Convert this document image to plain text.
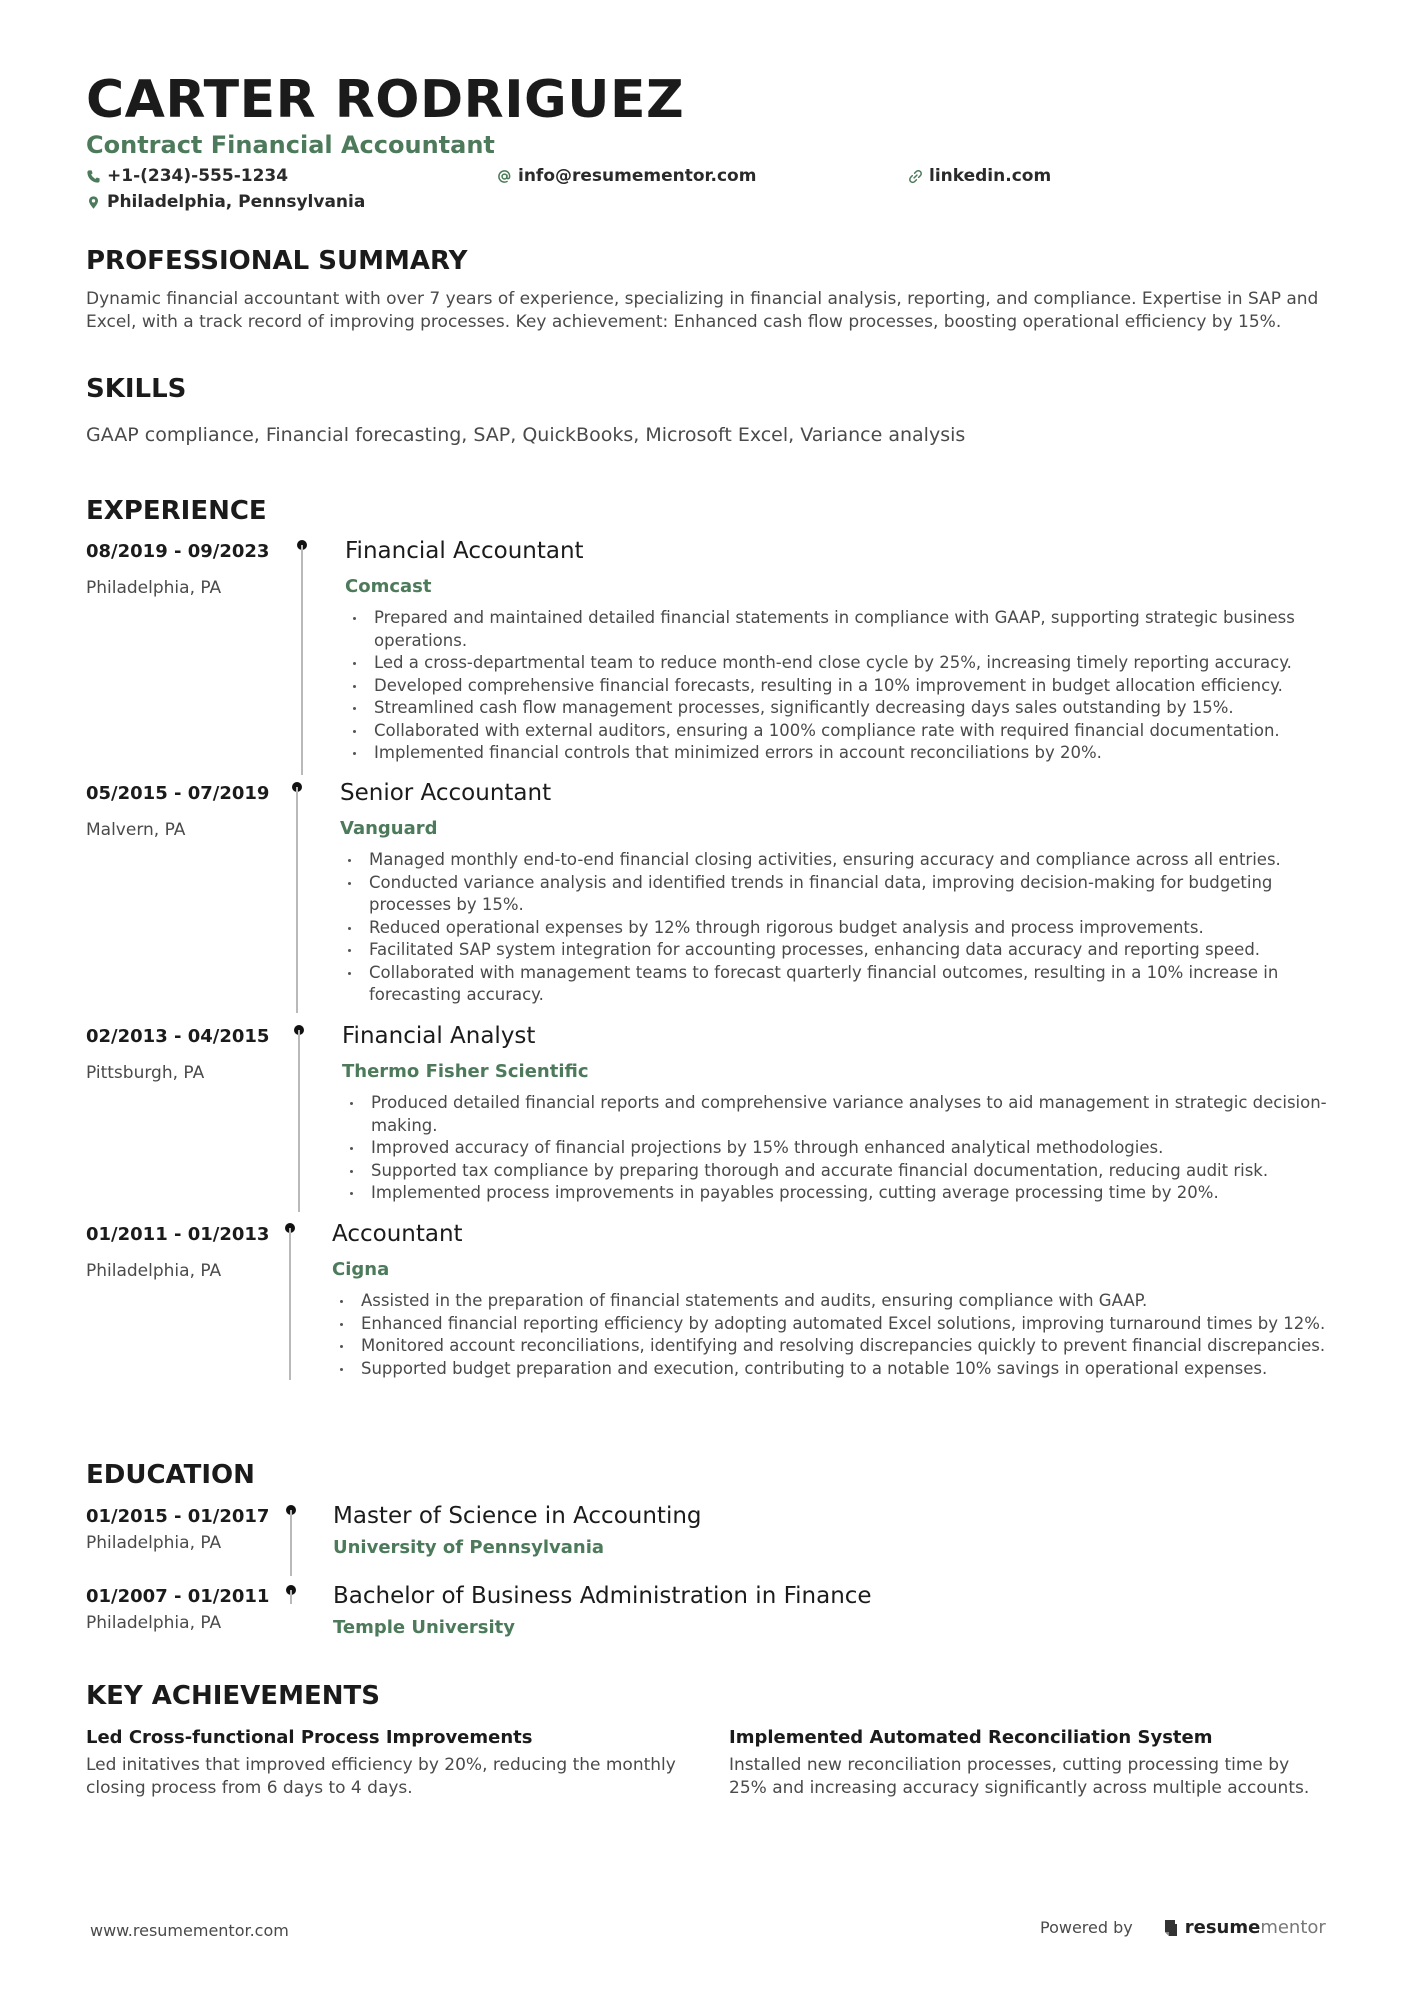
CARTER RODRIGUEZ
Contract Financial Accountant
+1-(234)-555-1234	info@resumementor.com	linkedin.com
Philadelphia, Pennsylvania
PROFESSIONAL SUMMARY
Dynamic financial accountant with over 7 years of experience, specializing in financial analysis, reporting, and compliance. Expertise in SAP and Excel, with a track record of improving processes. Key achievement: Enhanced cash flow processes, boosting operational efficiency by 15%.
SKILLS
GAAP compliance, Financial forecasting, SAP, QuickBooks, Microsoft Excel, Variance analysis
EXPERIENCE
08/2019 - 09/2023
Philadelphia, PA
Financial Accountant
Comcast
Prepared and maintained detailed financial statements in compliance with GAAP, supporting strategic business operations.
Led a cross-departmental team to reduce month-end close cycle by 25%, increasing timely reporting accuracy.
Developed comprehensive financial forecasts, resulting in a 10% improvement in budget allocation efficiency.
Streamlined cash flow management processes, significantly decreasing days sales outstanding by 15%.
Collaborated with external auditors, ensuring a 100% compliance rate with required financial documentation.
Implemented financial controls that minimized errors in account reconciliations by 20%.
05/2015 - 07/2019
Malvern, PA
Senior Accountant
Vanguard
Managed monthly end-to-end financial closing activities, ensuring accuracy and compliance across all entries.
Conducted variance analysis and identified trends in financial data, improving decision-making for budgeting processes by 15%.
Reduced operational expenses by 12% through rigorous budget analysis and process improvements.
Facilitated SAP system integration for accounting processes, enhancing data accuracy and reporting speed.
Collaborated with management teams to forecast quarterly financial outcomes, resulting in a 10% increase in forecasting accuracy.
02/2013 - 04/2015
Pittsburgh, PA
Financial Analyst
Thermo Fisher Scientific
Produced detailed financial reports and comprehensive variance analyses to aid management in strategic decision-making.
Improved accuracy of financial projections by 15% through enhanced analytical methodologies.
Supported tax compliance by preparing thorough and accurate financial documentation, reducing audit risk.
Implemented process improvements in payables processing, cutting average processing time by 20%.
01/2011 - 01/2013
Philadelphia, PA
Accountant
Cigna
Assisted in the preparation of financial statements and audits, ensuring compliance with GAAP.
Enhanced financial reporting efficiency by adopting automated Excel solutions, improving turnaround times by 12%.
Monitored account reconciliations, identifying and resolving discrepancies quickly to prevent financial discrepancies.
Supported budget preparation and execution, contributing to a notable 10% savings in operational expenses.
EDUCATION
01/2015 - 01/2017
Philadelphia, PA
Master of Science in Accounting
University of Pennsylvania
01/2007 - 01/2011
Philadelphia, PA
Bachelor of Business Administration in Finance
Temple University
KEY ACHIEVEMENTS
Led Cross-functional Process Improvements
Led initatives that improved efficiency by 20%, reducing the monthly closing process from 6 days to 4 days.
Implemented Automated Reconciliation System
Installed new reconciliation processes, cutting processing time by 25% and increasing accuracy significantly across multiple accounts.
www.resumementor.com	Powered by	resumementor
